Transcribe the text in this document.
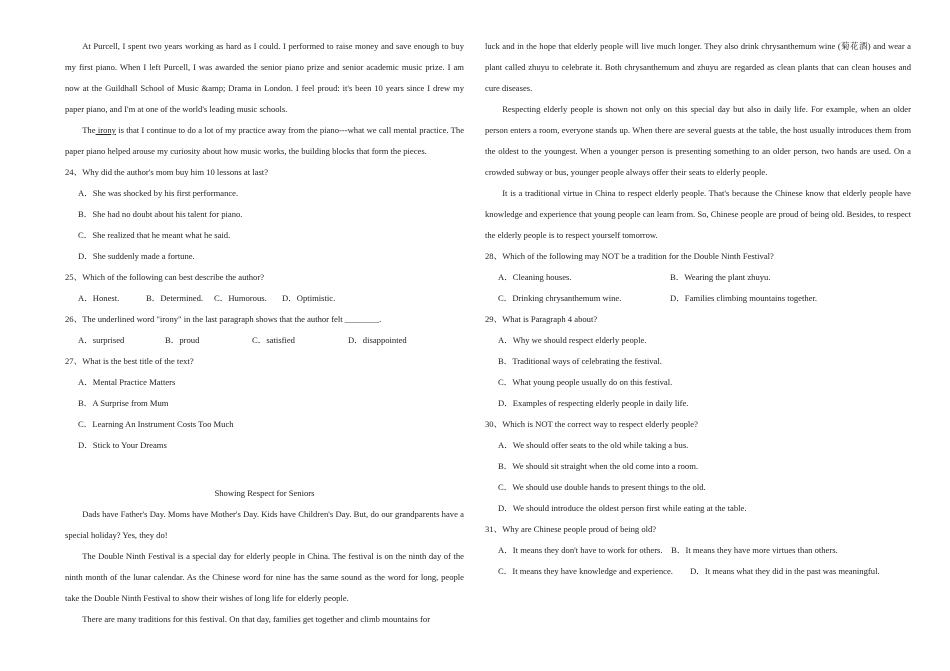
At Purcell, I spent two years working as hard as I could. I performed to raise money and save enough to buy my first piano. When I left Purcell, I was awarded the senior piano prize and senior academic music prize. I am now at the Guildhall School of Music &amp; Drama in London. I feel proud: it's been 10 years since I drew my paper piano, and I'm at one of the world's leading music schools.

The irony is that I continue to do a lot of my practice away from the piano---what we call mental practice. The paper piano helped arouse my curiosity about how music works, the building blocks that form the pieces.

24、Why did the author's mom buy him 10 lessons at last?
A．She was shocked by his first performance.
B．She had no doubt about his talent for piano.
C．She realized that he meant what he said.
D．She suddenly made a fortune.
25、Which of the following can best describe the author?
A．Honest.	B．Determined.	C．Humorous.	D．Optimistic.
26、The underlined word "irony" in the last paragraph shows that the author felt ________.
A．surprised	B．proud	C．satisfied	D．disappointed
27、What is the best title of the text?
A．Mental Practice Matters
B．A Surprise from Mum
C．Learning An Instrument Costs Too Much
D．Stick to Your Dreams
Showing Respect for Seniors

Dads have Father's Day. Moms have Mother's Day. Kids have Children's Day. But, do our grandparents have a special holiday? Yes, they do!

The Double Ninth Festival is a special day for elderly people in China. The festival is on the ninth day of the ninth month of the lunar calendar. As the Chinese word for nine has the same sound as the word for long, people take the Double Ninth Festival to show their wishes of long life for elderly people.

There are many traditions for this festival. On that day, families get together and climb mountains for

luck and in the hope that elderly people will live much longer. They also drink chrysanthemum wine (菊花酒) and wear a plant called zhuyu to celebrate it. Both chrysanthemum and zhuyu are regarded as clean plants that can clean houses and cure diseases.

Respecting elderly people is shown not only on this special day but also in daily life. For example, when an older person enters a room, everyone stands up. When there are several guests at the table, the host usually introduces them from the oldest to the youngest. When a younger person is presenting something to an older person, two hands are used. On a crowded subway or bus, younger people always offer their seats to elderly people.

It is a traditional virtue in China to respect elderly people. That's because the Chinese know that elderly people have knowledge and experience that young people can learn from. So, Chinese people are proud of being old. Besides, to respect the elderly people is to respect yourself tomorrow.

28、Which of the following may NOT be a tradition for the Double Ninth Festival?
A．Cleaning houses.	B．Wearing the plant zhuyu.
C．Drinking chrysanthemum wine.	D．Families climbing mountains together.
29、What is Paragraph 4 about?
A．Why we should respect elderly people.
B．Traditional ways of celebrating the festival.
C．What young people usually do on this festival.
D．Examples of respecting elderly people in daily life.
30、Which is NOT the correct way to respect elderly people?
A．We should offer seats to the old while taking a bus.
B．We should sit straight when the old come into a room.
C．We should use double hands to present things to the old.
D．We should introduce the oldest person first while eating at the table.
31、Why are Chinese people proud of being old?
A．It means they don't have to work for others.　B．It means they have more virtues than others.
C．It means they have knowledge and experience.　　D．It means what they did in the past was meaningful.
